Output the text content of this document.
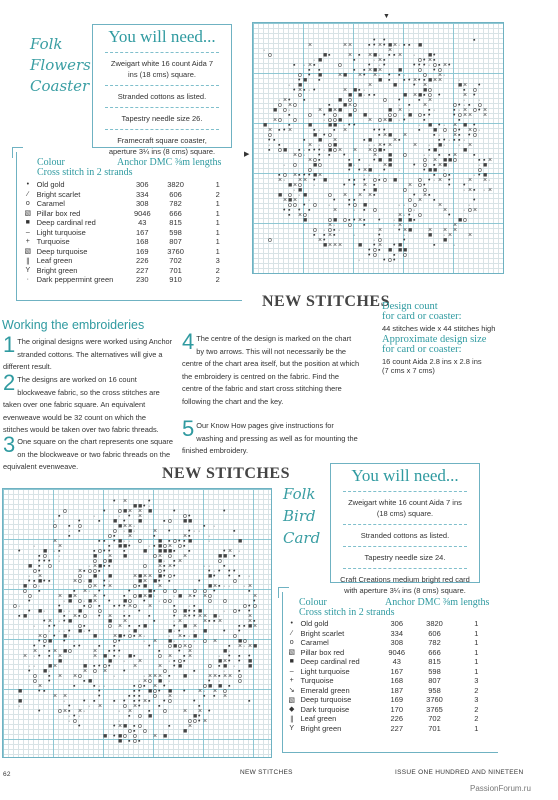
Folk
Flowers
Coaster
You will need...

Zweigart white 16 count Aida 7 ins (18 cms) square.

Stranded cottons as listed.

Tapestry needle size 26.

Framecraft square coaster, aperture 3¼ ins (8 cms) square.

Colour	Anchor DMC ⅜m lengths
Cross stitch in 2 strands
•	Old gold	306	3820	1
∕	Bright scarlet	334	606	2
o	Caramel	308	782	1
▧	Pillar box red	9046	666	1
■	Deep cardinal red	43	815	1
–	Light turquoise	167	598	1
+	Turquoise	168	807	1
▧	Deep turquoise	169	3760	1
∥	Leaf green	226	702	3
Y	Bright green	227	701	2
·	Dark peppermint green	230	910	2
▼
▶
• •	▪
×	× × ▪ • × • ■ × · ▪ ▪ ■
·	×
o	■ ▪	× ▪ × ■ · ▪ ▪ × · ■ •
· ■	▪	· × ▪	o • × ▪
▪ · × ▪	o	• · •	• • • · o ▪ × •
▪ ▪	▪ ▪ × ■ × ■ o • o
o • ■ × ■ × • × · • ▪ ·	o × ·
• ■ ▪	■ ▪ ▪ • × • ▪ ■ × × ·
· ■	×	■ • ×	■ × •
• × ▪ · •	× ■ ▪ ·	■ o	▪ o
o	■ ■ · ▪ ▪	■ × ■ ▪ o •	× •
· × • ▪	■ o	o •	▪ ×	· ·
o × o	▪ ■ × o	· ▪ ×	o • · ▪ o
■ o ·	× ■ × ■ o	■ × ·	▪ ·	▪ · × o • ×
▪	o • o ■ ■	o o · ■ o ▪ •	• o × × ×
× o o	· o o ■	× o × ■ · •	▪	▪
■	▪	■ ■ ■ · • •	· ■ • · × ■ •
× ▪ • ×	▪ · ▪ ×	• • •	▪ ■ o o • × o ·
o	■ • o	▪ × ■ ×	▪ · × ▪ • o
• ▪	▪ ■ ×	▪ ■	× ▪	▪ • · ▪ ▪ ·
· ▪	× · o ■	· · × • ×	× · ■ · · ×
▪ o ■ ▪ · ▪ • • · ■ o × × × o ■ ▪	▪ ■	■
× o · • ▪ •	× ■ o · · ▪ ▪ × ▪
× o ▪	▪ ▪ • ■ ■	o × ■ ■ o	▪ ▪ ×
· o ■ o	■ · · × ■	• o ▪ × ■	· ■
o	• • × ■ • ·	• ■ ■ ·	o
▪ o × ▪ • • ■ ×	· · ·	▪ o ▪	· • ■
× · × × • ■	▪ ▪ • o ▪ o ■	o • · × •	× × ·
■ × o ·	• • × ▪	× o •	• •
· ■	▪ ■	o o	· × ▪ · ×
■ o · ■	o × × × ▪	• × ▪
× ■ × ·	• ▪ ▪	o × ▪	•
o o • o ·	• o ■	· · o	×	·
• ▪ • ▪	× · ▪ o	o ·	× · o ×
▪ × o	× · • o	•
■	o ■ o ▪ • × ▪ • · ■ ■ ▪	■ o
× · o ▪	· ×	×
o · o ▪ ·	× • × ■ × × ×
▪ ▪ × ▪	·	•	·	■ · × ×
o	× •	· o	•	■
■ × × × ■ • × • ■	▪	·
• o ▪ ■ ■ ■
• o ▪ o
·	• o •
NEW STITCHES
Design count
for card or coaster:
44 stitches wide x 44 stitches high
Approximate design size
for card or coaster:
16 count Aida 2.8 ins x 2.8 ins
(7 cms x 7 cms)
Working the embroideries
1 The original designs were worked using Anchor stranded cottons. The alternatives will give a different result.
2 The designs are worked on 16 count blockweave fabric, so the cross stitches are taken over one fabric square. An equivalent evenweave would be 32 count on which the stitches would be taken over two fabric threads.
3 One square on the chart represents one square on the blockweave or two fabric threads on the equivalent evenweave.
4 The centre of the design is marked on the chart by two arrows. This will not necessarily be the centre of the chart area itself, but the position at which the embroidery is centred on the fabric. Find the centre of the fabric and start cross stitching there following the chart and the key.
5 Our Know How pages give instructions for washing and pressing as well as for mounting the finished embroidery.
NEW STITCHES
• ×	•
■ ■ • ·
o	• o ■ × × ■	•	•
▪	·	· • ×	o •
·	•	▪ ■ • ■	▪ o ■ ■
o ▪ o	■ × × ·	▪ ·
· ▪	o · ■ ·	× •	• · ·	▪
▪	o ▪ ×	▪	× ▪	·
×	▪ ▪ • ■ · · o ■ ▪ o • ▪ ■ ·	■
·	×	▪ ■ ■ •	· ▪ ■ o × o ▪
•	■ · ▪	▪ o • • ▪	■ ■ ■ ■ ▪ ▪	• × ·
▪ o ·	■ × ■	o × o ×	■ ■ ▪
• • • ·	o o ■	■ · ▪ ×	o
■ ▪ o	· × ■ ▪ ▪	o × ▪ × •	· · ▪
o •	× ▪ o o ▪	o •	• · • • •
· ×	o ■ ■	× ■ × × ■ • o •	■ • • ▪ ·
• ▪ ■ • ▪	× o · ■ • ·	■ × ■ • ▪	•	o
■ o ·	o × • ×	o ▪ ■ ×	■ × ▪ · · · ×
o ▪	▪ × · •	•	■ ▪ o o o o •	▪
o	× ■ × × •	▪ o ■ × ■ ·	· ■ × ▪ × o	×
•	· ■ o · ■ × • ■ o • · o o	o o	•
o ·	•	▪ o ▪ ▪ • • × o ×	▪ · ▪	o • o
• ■ · ■ · · ■ o	· •	o ■ • ▪ ■	· o • •
▪ ■	▪ × ▪ o • × ▪ ▪	▪	• × • • × × ■ ·	×
• × · • ■	■ ×	▪	· ×	× ▪ ▪ ×	× ▪
· ▪ •	o ▪	o × ▪ ▪ ■	• ■ ×	▪ ▪ ■ ×
· · · • ■ · •	· ■	■ · • · ■ • •
× o • ■ ·	■ × ■ • o ▪ × ·	· × ▪ · ■	o
• o ■ • ·	o •	· × ■ · · · o ×	■ o
• ▪	▪ •	▪ ▪	•	o ■ o × o	▪ × · × ■
× ▪ × ■ o	× ▪ • •	▪	• ×	■ ·
× · • ▪ ×	× ■ ▪ · ■ ▪	o × ▪ ×	· • ▪ •
■	■ · ×	· ▪ o ▪	■ × • • ■
· · ■ ×	■ ▪ • o •	×	× • ■	o ▪ ■ · ■
• ■ ·	× o × •	o	▪	· ▪
o ▪ × × o	·	· × × × ▪ ■	× × ▪ × × o
o •	▪ ■	· × o ■ ·	• ·	o
×	▪	▪ · ·	▪ o ▪ × •	o ■ ■ ▪
■ • ▪	•	▪ • ■ o • ■ • × · × o
× ×	•	▪ ▪ ▪ o ×	▪ ▪ ×
■	·	• ▪	▪ • ▪ • × ▪ • o	•	▪
·	•	· ×	o × •	▪	▪
•	o × ▪ × ·	· × ▪ o × × •
· • ·	▪ o ■	■ •
· o	·	o o • ×
•	• × ■ ▪ o	▪	×
o ▪ o	■
■ • ■ o o × ■
■ ▪ o ▪
Folk
Bird
Card
You will need...

Zweigart white 16 count Aida 7 ins (18 cms) square.

Stranded cottons as listed.

Tapestry needle size 24.

Craft Creations medium bright red card with aperture 3¼ ins (8 cms) square.

Colour	Anchor DMC ⅜m lengths
Cross stitch in 2 strands
•	Old gold	306	3820	1
∕	Bright scarlet	334	606	1
o	Caramel	308	782	1
▧	Pillar box red	9046	666	1
■	Deep cardinal red	43	815	1
–	Light turquoise	167	598	1
+	Turquoise	168	807	3
↘	Emerald green	187	958	2
▧	Deep turquoise	169	3760	3
◆	Dark turquoise	170	3765	2
∥	Leaf green	226	702	2
Y	Bright green	227	701	1
62	NEW STITCHES	ISSUE ONE HUNDRED AND NINETEEN
PassionForum.ru
